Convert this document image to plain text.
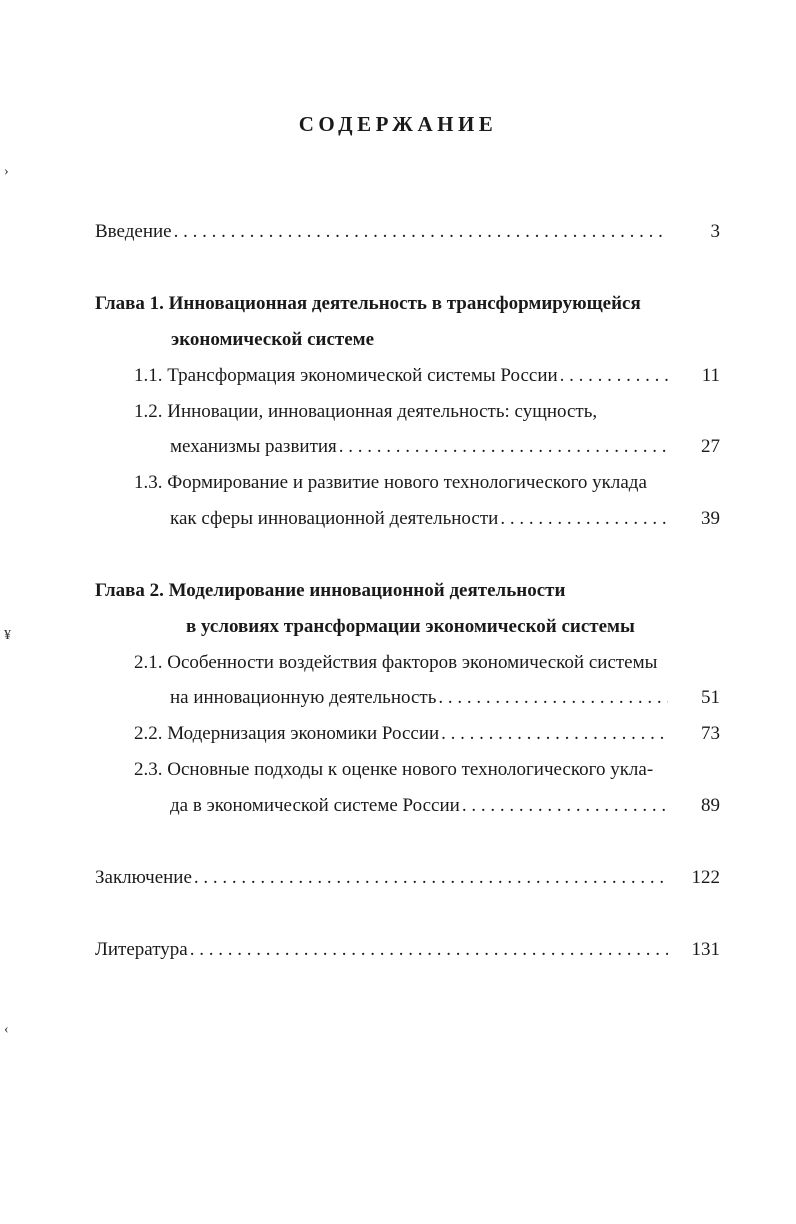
СОДЕРЖАНИЕ
Введение . . .	3
Глава 1. Инновационная деятельность в трансформирующейся
экономической системе
1.1. Трансформация экономической системы России . . .	11
1.2. Инновации, инновационная деятельность: сущность,
механизмы развития . . .	27
1.3. Формирование и развитие нового технологического уклада
как сферы инновационной деятельности . . .	39
Глава 2. Моделирование инновационной деятельности
в условиях трансформации экономической системы
2.1. Особенности воздействия факторов экономической системы
на инновационную деятельность . . .	51
2.2. Модернизация экономики России . . .	73
2.3. Основные подходы к оценке нового технологического укла-
да в экономической системе России . . .	89
Заключение . . .	122
Литература . . .	131
›
¥
‹
